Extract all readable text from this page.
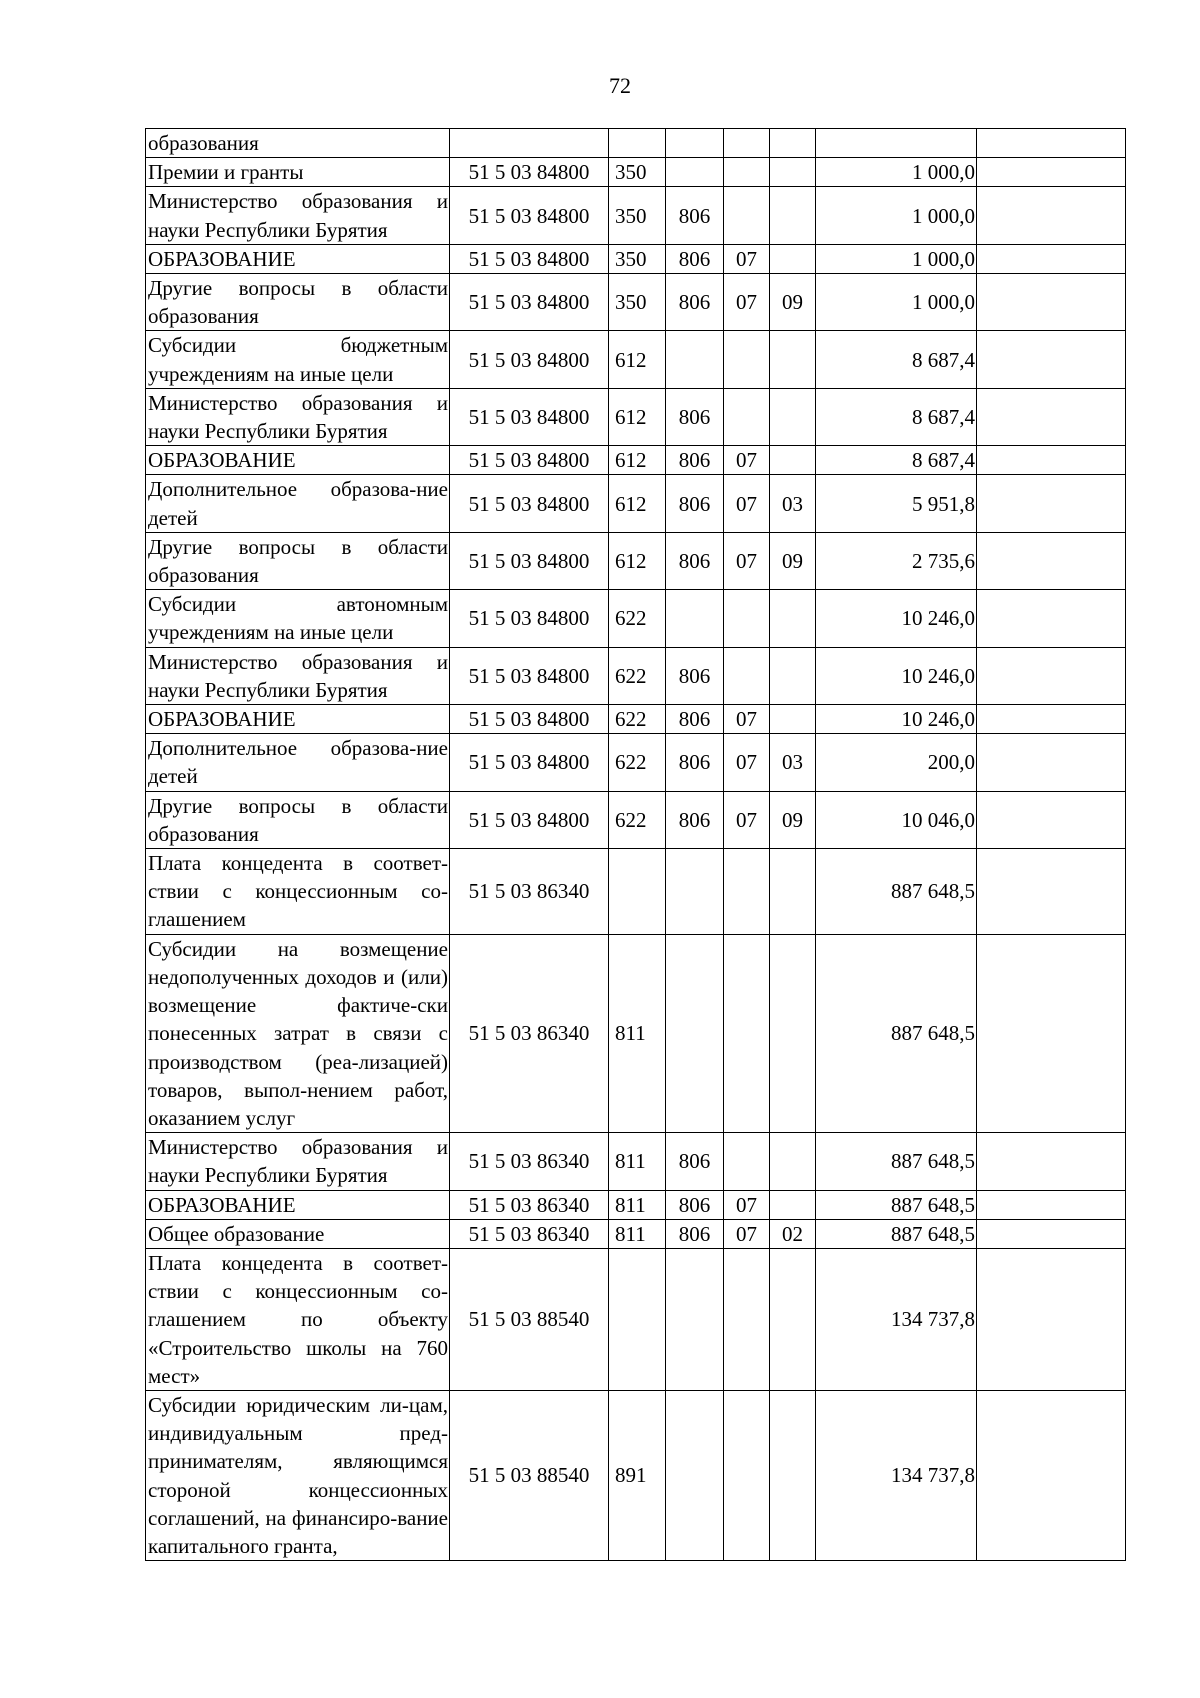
72
образования							
Премии и гранты	51 5 03 84800	350				1 000,0	
Министерство образования и науки Республики Бурятия	51 5 03 84800	350	806			1 000,0	
ОБРАЗОВАНИЕ	51 5 03 84800	350	806	07		1 000,0	
Другие вопросы в области образования	51 5 03 84800	350	806	07	09	1 000,0	
Субсидии бюджетным учреждениям на иные цели	51 5 03 84800	612				8 687,4	
Министерство образования и науки Республики Бурятия	51 5 03 84800	612	806			8 687,4	
ОБРАЗОВАНИЕ	51 5 03 84800	612	806	07		8 687,4	
Дополнительное образова-ние детей	51 5 03 84800	612	806	07	03	5 951,8	
Другие вопросы в области образования	51 5 03 84800	612	806	07	09	2 735,6	
Субсидии автономным учреждениям на иные цели	51 5 03 84800	622				10 246,0	
Министерство образования и науки Республики Бурятия	51 5 03 84800	622	806			10 246,0	
ОБРАЗОВАНИЕ	51 5 03 84800	622	806	07		10 246,0	
Дополнительное образова-ние детей	51 5 03 84800	622	806	07	03	200,0	
Другие вопросы в области образования	51 5 03 84800	622	806	07	09	10 046,0	
Плата концедента в соответ-ствии с концессионным со-глашением	51 5 03 86340					887 648,5	
Субсидии на возмещение недополученных доходов и (или) возмещение фактиче-ски понесенных затрат в связи с производством (реа-лизацией) товаров, выпол-нением работ, оказанием услуг	51 5 03 86340	811				887 648,5	
Министерство образования и науки Республики Бурятия	51 5 03 86340	811	806			887 648,5	
ОБРАЗОВАНИЕ	51 5 03 86340	811	806	07		887 648,5	
Общее образование	51 5 03 86340	811	806	07	02	887 648,5	
Плата концедента в соответ-ствии с концессионным со-глашением по объекту «Строительство школы на 760 мест»	51 5 03 88540					134 737,8	
Субсидии юридическим ли-цам, индивидуальным пред-принимателям, являющимся стороной концессионных соглашений, на финансиро-вание капитального гранта,	51 5 03 88540	891				134 737,8	
